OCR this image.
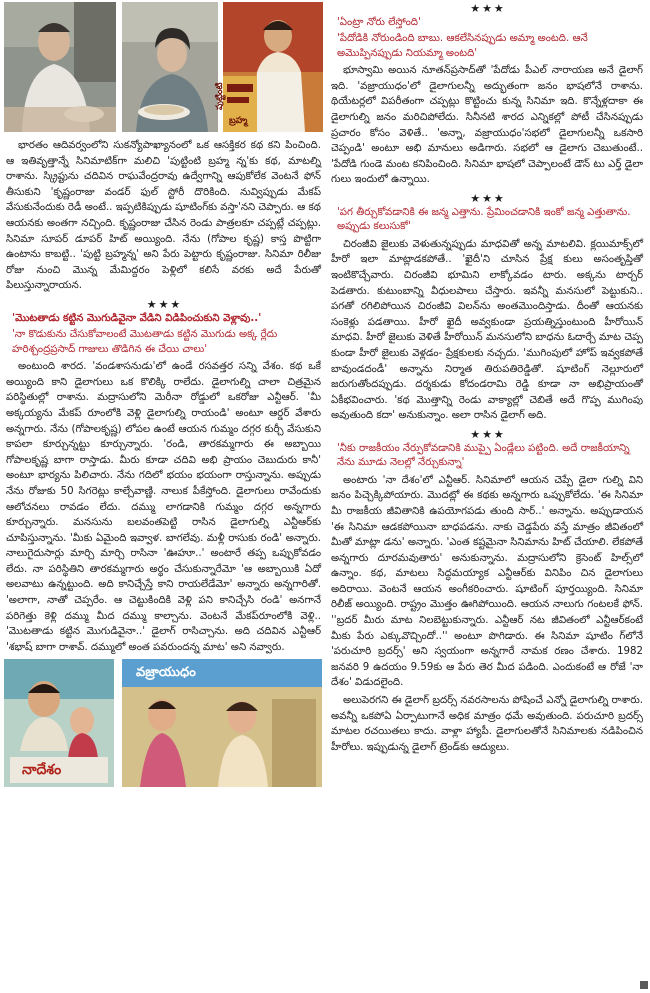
పుట్టింటి
బ్రహ్మ

భారతం ఆదివర్వంలోని సుకన్యోపాఖ్యానంలో ఒక ఆసక్తికర కథ కని పించింది. ఆ ఇతివృత్తాన్నే సినిమాటిక్‌గా మలిచి 'పుట్టింటి బ్రహ్మ న్న'కు కథ, మాటల్ని రాశాను. స్క్రిప్టును చదివిన రాఘవేంద్రరావు ఉద్వేగాన్ని ఆపుకోలేక వెంటనే ఫోన్‌ తీసుకుని 'కృష్ణంరాజు వండర్‌ ఫుల్‌ స్టోరీ దొరికింది. నువ్విప్పుడు మేకప్‌ వేసుకునేందుకు రెడీ అంటే.. ఇప్పటికిప్పుడు షూటింగ్‌కు వస్తా'నని చెప్పారు. ఆ కథ ఆయనకు అంతగా నచ్చింది. కృష్ణంరాజు చేసిన రెండు పాత్రలకూ చప్పట్లే చప్పట్లు. సినిమా సూపర్‌ డూపర్‌ హిట్‌ అయ్యింది. నేను (గోపాల కృష్ణ) కాస్త పొట్టిగా ఉంటాను కాబట్టి.. 'పుట్టి బ్రహ్మన్న' అని పేరు పెట్టారు కృష్ణంరాజు. సినిమా రిలీజు రోజు నుంచి మొన్న మేమిద్దరం పెళ్లిలో కలిసే వరకు అదే పేరుతో పిలుస్తున్నారాయన.

★★★
'మొటతాడు కట్టిన మొగుడివైనా వేడిని విడిపించుకుని వెళ్లావు..'
'నా కొడుకును చేసుకోవాలంటే మొటతాడు కట్టిన మొగుడు అక్క ర్లేదు హరిశ్చంద్రప్రసాద్‌ గాజులు తొడిగిన ఈ చేయి చాలు'

అంటుంది శారద. 'వండశాసనుడు'లో ఉండే రసవత్తర సన్ని వేశం. కథ ఒకే అయ్యింది కాని డైలాగులు ఒక కొలిక్కి రాలేదు. డైలాగుల్ని చాలా చిత్రమైన పరిస్థితుల్లో రాశాను. మద్రాసులోని మెరీనా రోడ్డులో ఒకరోజు ఎన్టీఆర్‌. 'మీ అక్కయ్యను మేకప్‌ రూంలోకి వెళ్లి డైలాగుల్ని రాయండి' అంటూ ఆర్డర్‌ వేశారు అన్నగారు. నేను (గోపాలకృష్ణ) లోపల ఉంటే ఆయన గుమ్మం దగ్గర కుర్చీ వేసుకుని కాపలా కూర్చున్నట్టు కూర్చున్నారు. 'రండి, తారకమ్మగారు ఈ అబ్బాయి గోపాలకృష్ణ బాగా రాస్తాడు. మీరు కూడా చదివి అభి ప్రాయం చెబుదురు కానీ' అంటూ భార్యను పిలిచారు. నేను గదిలో భయం భయంగా రాస్తున్నాను. అప్పుడు నేను రోజుకు 50 సిగరెట్లు కాల్చేవాణ్ణి. నాలుక పీకేస్తోంది. డైలాగులు రావేందుకు ఆలోచనలు రావడం లేదు. దమ్ము లాగడానికి గుమ్మం దగ్గర అన్నగారు కూర్చున్నారు. మనసును బలవంతపెట్టి రాసిన డైలాగుల్ని ఎన్టీఆర్‌కు చూపిస్తున్నాను. 'మీకు ఏమైంది ఇవ్వాళ. బాగలేవు. మళ్లీ రాసుకు రండి' అన్నారు. నాలుగైదుసార్లు మార్చి మార్చి రాసినా 'ఊహూ..' అంటారే తప్ప ఒప్పుకోవడం లేదు. నా పరిస్థితిని తారకమ్మగారు అర్థం చేసుకున్నారేమో 'ఆ అబ్బాయికి ఏదో అలవాటు ఉన్నట్టుంది. అది కానిచ్చేస్తే కాని రాయలేడేమో' అన్నారు అన్నగారితో. 'అలాగా, నాతో చెప్పరేం. ఆ చెట్టుకిందికి వెళ్లి పని కానిచ్చేసి రండి' అనగానే పరిగెత్తు కెళ్లి దమ్ము మీద దమ్ము కాల్చాను. వెంటనే మేకప్‌రూంలోకి వెళ్లి.. 'మొటతాడు కట్టిన మొగుడివైనా..' డైలాగ్‌ రాసిచ్చాను. అది చదివిన ఎన్టీఆర్‌ 'శభాష్‌ బాగా రాశావ్‌. దమ్ములో అంత పవరుందన్న మాట' అని నవ్వారు.

నాదేశం
వజ్రాయుధం
★★★
'ఏంట్రా నోరు లేస్తోంది'
'పేదోడికి నోరుండింది బాబు. ఆకలేసినప్పుడు అమ్మా అంటది. ఆనే అమెుప్పినప్పుడు నియమ్మా అంటది'

భూస్వామి అయిన నూతన్‌ప్రసాద్‌తో 'పేదోడు పీఎల్‌ నారాయణ అనే డైలాగ్‌ ఇది. 'వజ్రాయుధం'లో డైలాగులన్నీ అద్భుతంగా జనం భాషలోనే రాశాను. థియేటర్లలో విపరీతంగా చప్పట్లు కొట్టించు కున్న సినిమా ఇది. కొన్నేళ్లదాకా ఈ డైలాగుల్ని జనం మరిచిపోలేదు. సినీనటి శారద ఎన్నికల్లో పోటీ చేసినప్పుడు ప్రచారం కోసం వెళితే.. 'అన్నా, వజ్రాయుధం'సభలో డైలాగులన్నీ ఒకసారి చెప్పండి' అంటూ అభి మానులు అడిగారు. సభలో ఆ డైలాగు చెబుతుంటే.. 'పేదోడి గుండె మంట కనిపించింది. సినిమా భాషలో చెప్పాలంటే డౌన్‌ టు ఎర్త్‌ డైలా గులు ఇందులో ఉన్నాయి.

★★★
'పగ తీర్చుకోవడానికి ఈ జన్మ ఎత్తాను. ప్రేమించడానికి ఇంకో జన్మ ఎత్తుతాను. అప్పుడు కలుసుకో'

చిరంజీవి జైలుకు వెళుతున్నప్పుడు మాధవితో అన్న మాటలివి. క్లయిమాక్స్‌లో హీరో ఇలా మాట్లాడకపోతే.. 'ఖైదీ'ని చూసిన ప్రేక్ష కులు అసంతృప్తితో ఇంటికొచ్చేవారు. చిరంజీవి భూమిని లాక్కోవడం టారు. అక్కను టార్చర్‌ పెడతారు. కుటుంబాన్ని వీధులపాలు చేస్తారు. ఇవన్నీ మనసులో పెట్టుకుని.. పగతో రగిలిపోయిన చిరంజీవి విలన్‌ను అంతమొందిస్తాడు. దీంతో ఆయనకు సంకెళ్లు పడతాయి. హీరో ఖైదీ అవ్వకుండా ప్రయత్నిస్తుంటుంది హీరోయిన్‌ మాధవి. హీరో జైలుకు వెళితే హీరోయిన్‌ మనసులోని బాధను ఓదార్చే మాట చెప్ప కుండా హీరో జైలుకు వెళ్లడం- ప్రేక్షకులకు నచ్చదు. 'ముగింపులో హోప్‌ ఇవ్వకపోతే బావుండదండీ' అన్నాను నిర్మాత తిరుపతిరెడ్డితో. షూటింగ్‌ నెల్లూరులో జరుగుతోందప్పుడు. దర్శకుడు కోదండరామి రెడ్డి కూడా నా అభిప్రాయంతో ఏకీభవించారు. 'కథ మొత్తాన్ని రెండు వాక్యాల్లో చెబితే అదే గొప్ప ముగింపు అవుతుంది కదా' అనుకున్నాం. అలా రాసిన డైలాగ్‌ అది.

★★★
'నీకు రాజకీయం నేర్పుకోవడానికి ముప్పై ఏండ్లేలు పట్టింది. అదే రాజకీయాన్ని నేను మూడు నెలల్లో నేర్చుకున్నా'

అంటారు 'నా దేశం'లో ఎన్టీఆర్‌. సినిమాలో ఆయన చెప్పే డైలా గుల్ని విని జనం పిచ్చెక్కిపోయారు. మొదట్లో ఈ కథకు అన్నగారు ఒప్పుకోలేదు. 'ఈ సినిమా మీ రాజకీయ జీవితానికి ఉపయోగపడు తుంది సార్‌..' అన్నాను. అప్పుడాయన 'ఈ సినిమా ఆడకపోయినా బాధపడను. నాకు చెడ్డపేరు వస్తే మాత్రం జీవితంలో మీతో మాట్లా డను' అన్నారు. 'ఎంత కష్టమైనా సినిమాను హిట్‌ చేయాలి. లేకపోతే అన్నగారు దూరమవుతారు' అనుకున్నాను. మద్రాసులోని క్రెసెంట్‌ హిల్స్‌లో ఉన్నాం. కథ, మాటలు సిద్ధమయ్యాక ఎన్టీఆర్‌కు వినిపిం చిన డైలాగులు అదిరాయి. వెంటనే ఆయన అంగీకరించారు. షూటింగ్‌ పూర్తయ్యింది. సినిమా రిలీజ్‌ అయ్యింది. రాష్ట్రం మొత్తం ఊగిపోయింది. ఆయన నాలుగు గంటలకే ఫోన్‌. ''బ్రదర్‌ మీరు మాట నిలబెట్టుకున్నారు. ఎన్టీఆర్‌ నట జీవితంలో ఎన్టీఆర్‌కంటే మీకు పేరు ఎక్కువొచ్చిందో..'' అంటూ పొగిడారు. ఈ సినిమా షూటిం గ్‌లోనే 'పరుచూరి బ్రదర్స్‌' అని స్వయంగా అన్నగారే నామక రణం చేశారు. 1982 జనవరి 9 ఉదయం 9.59కు ఆ పేరు తెర మీద పడింది. ఎందుకంటే ఆ రోజే 'నా దేశం' విడుదలైంది.

అలుపెరగని ఈ డైలాగ్‌ బ్రదర్స్‌ నవరసాలను పోషించే ఎన్నో డైలాగుల్ని రాశారు. అవన్నీ ఒకపోఏ ఏర్పాటుగానే అధిక మాత్రం ధమే అవుతుంది. పరుచూరి బ్రదర్స్‌ మాటల రచయితలు కాదు. వాళ్లా హ్యాపీ. డైలాగులతోనే సినిమాలకు నడిపించిన హీరోలు. ఇప్పుడున్న డైలాగ్‌ ట్రెండ్‌కు ఆద్యులు.
